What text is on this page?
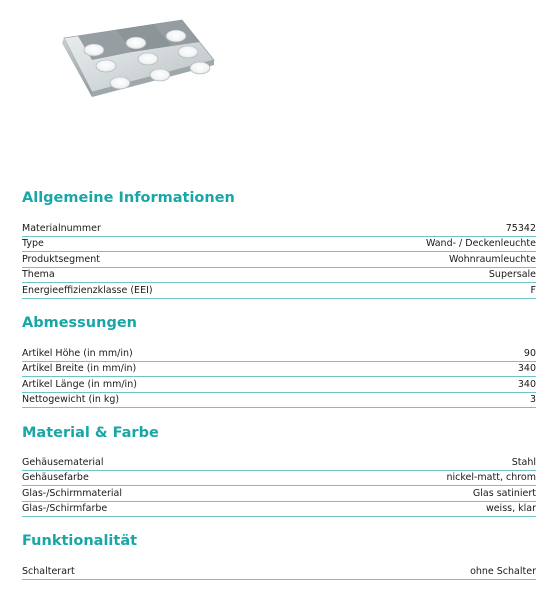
Allgemeine Informationen
Materialnummer	75342
Type	Wand- / Deckenleuchte
Produktsegment	Wohnraumleuchte
Thema	Supersale
Energieeffizienzklasse (EEI)	F
Abmessungen
Artikel Höhe (in mm/in)	90
Artikel Breite (in mm/in)	340
Artikel Länge (in mm/in)	340
Nettogewicht (in kg)	3
Material & Farbe
Gehäusematerial	Stahl
Gehäusefarbe	nickel-matt, chrom
Glas-/Schirmmaterial	Glas satiniert
Glas-/Schirmfarbe	weiss, klar
Funktionalität
Schalterart	ohne Schalter
